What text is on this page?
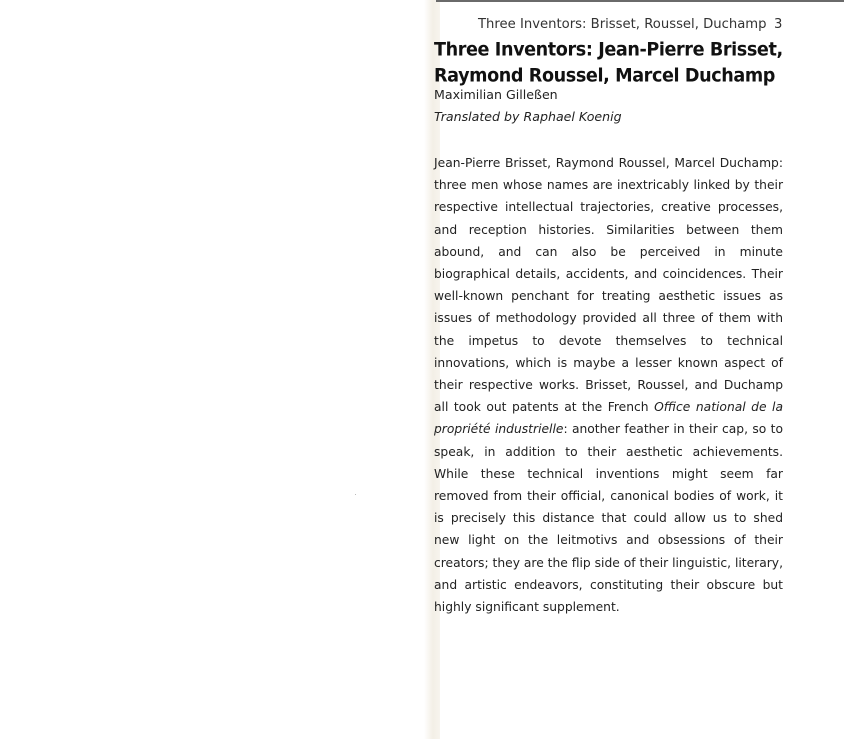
Three Inventors: Brisset, Roussel, Duchamp 3
Three Inventors: Jean-Pierre Brisset, Raymond Roussel, Marcel Duchamp
Maximilian Gilleßen
Translated by Raphael Koenig

Jean-Pierre Brisset, Raymond Roussel, Marcel Duchamp: three men whose names are inextricably linked by their respective intellectual trajectories, creative processes, and reception histories. Similarities between them abound, and can also be perceived in minute biographical details, accidents, and coincidences. Their well-known penchant for treating aesthetic issues as issues of methodology provided all three of them with the impetus to devote themselves to technical innovations, which is maybe a lesser known aspect of their respective works. Brisset, Roussel, and Duchamp all took out patents at the French Office national de la propriété industrielle: another feather in their cap, so to speak, in addition to their aesthetic achievements. While these technical inventions might seem far removed from their official, canonical bodies of work, it is precisely this distance that could allow us to shed new light on the leitmotivs and obsessions of their creators; they are the flip side of their linguistic, literary, and artistic endeavors, constituting their obscure but highly significant supplement.
